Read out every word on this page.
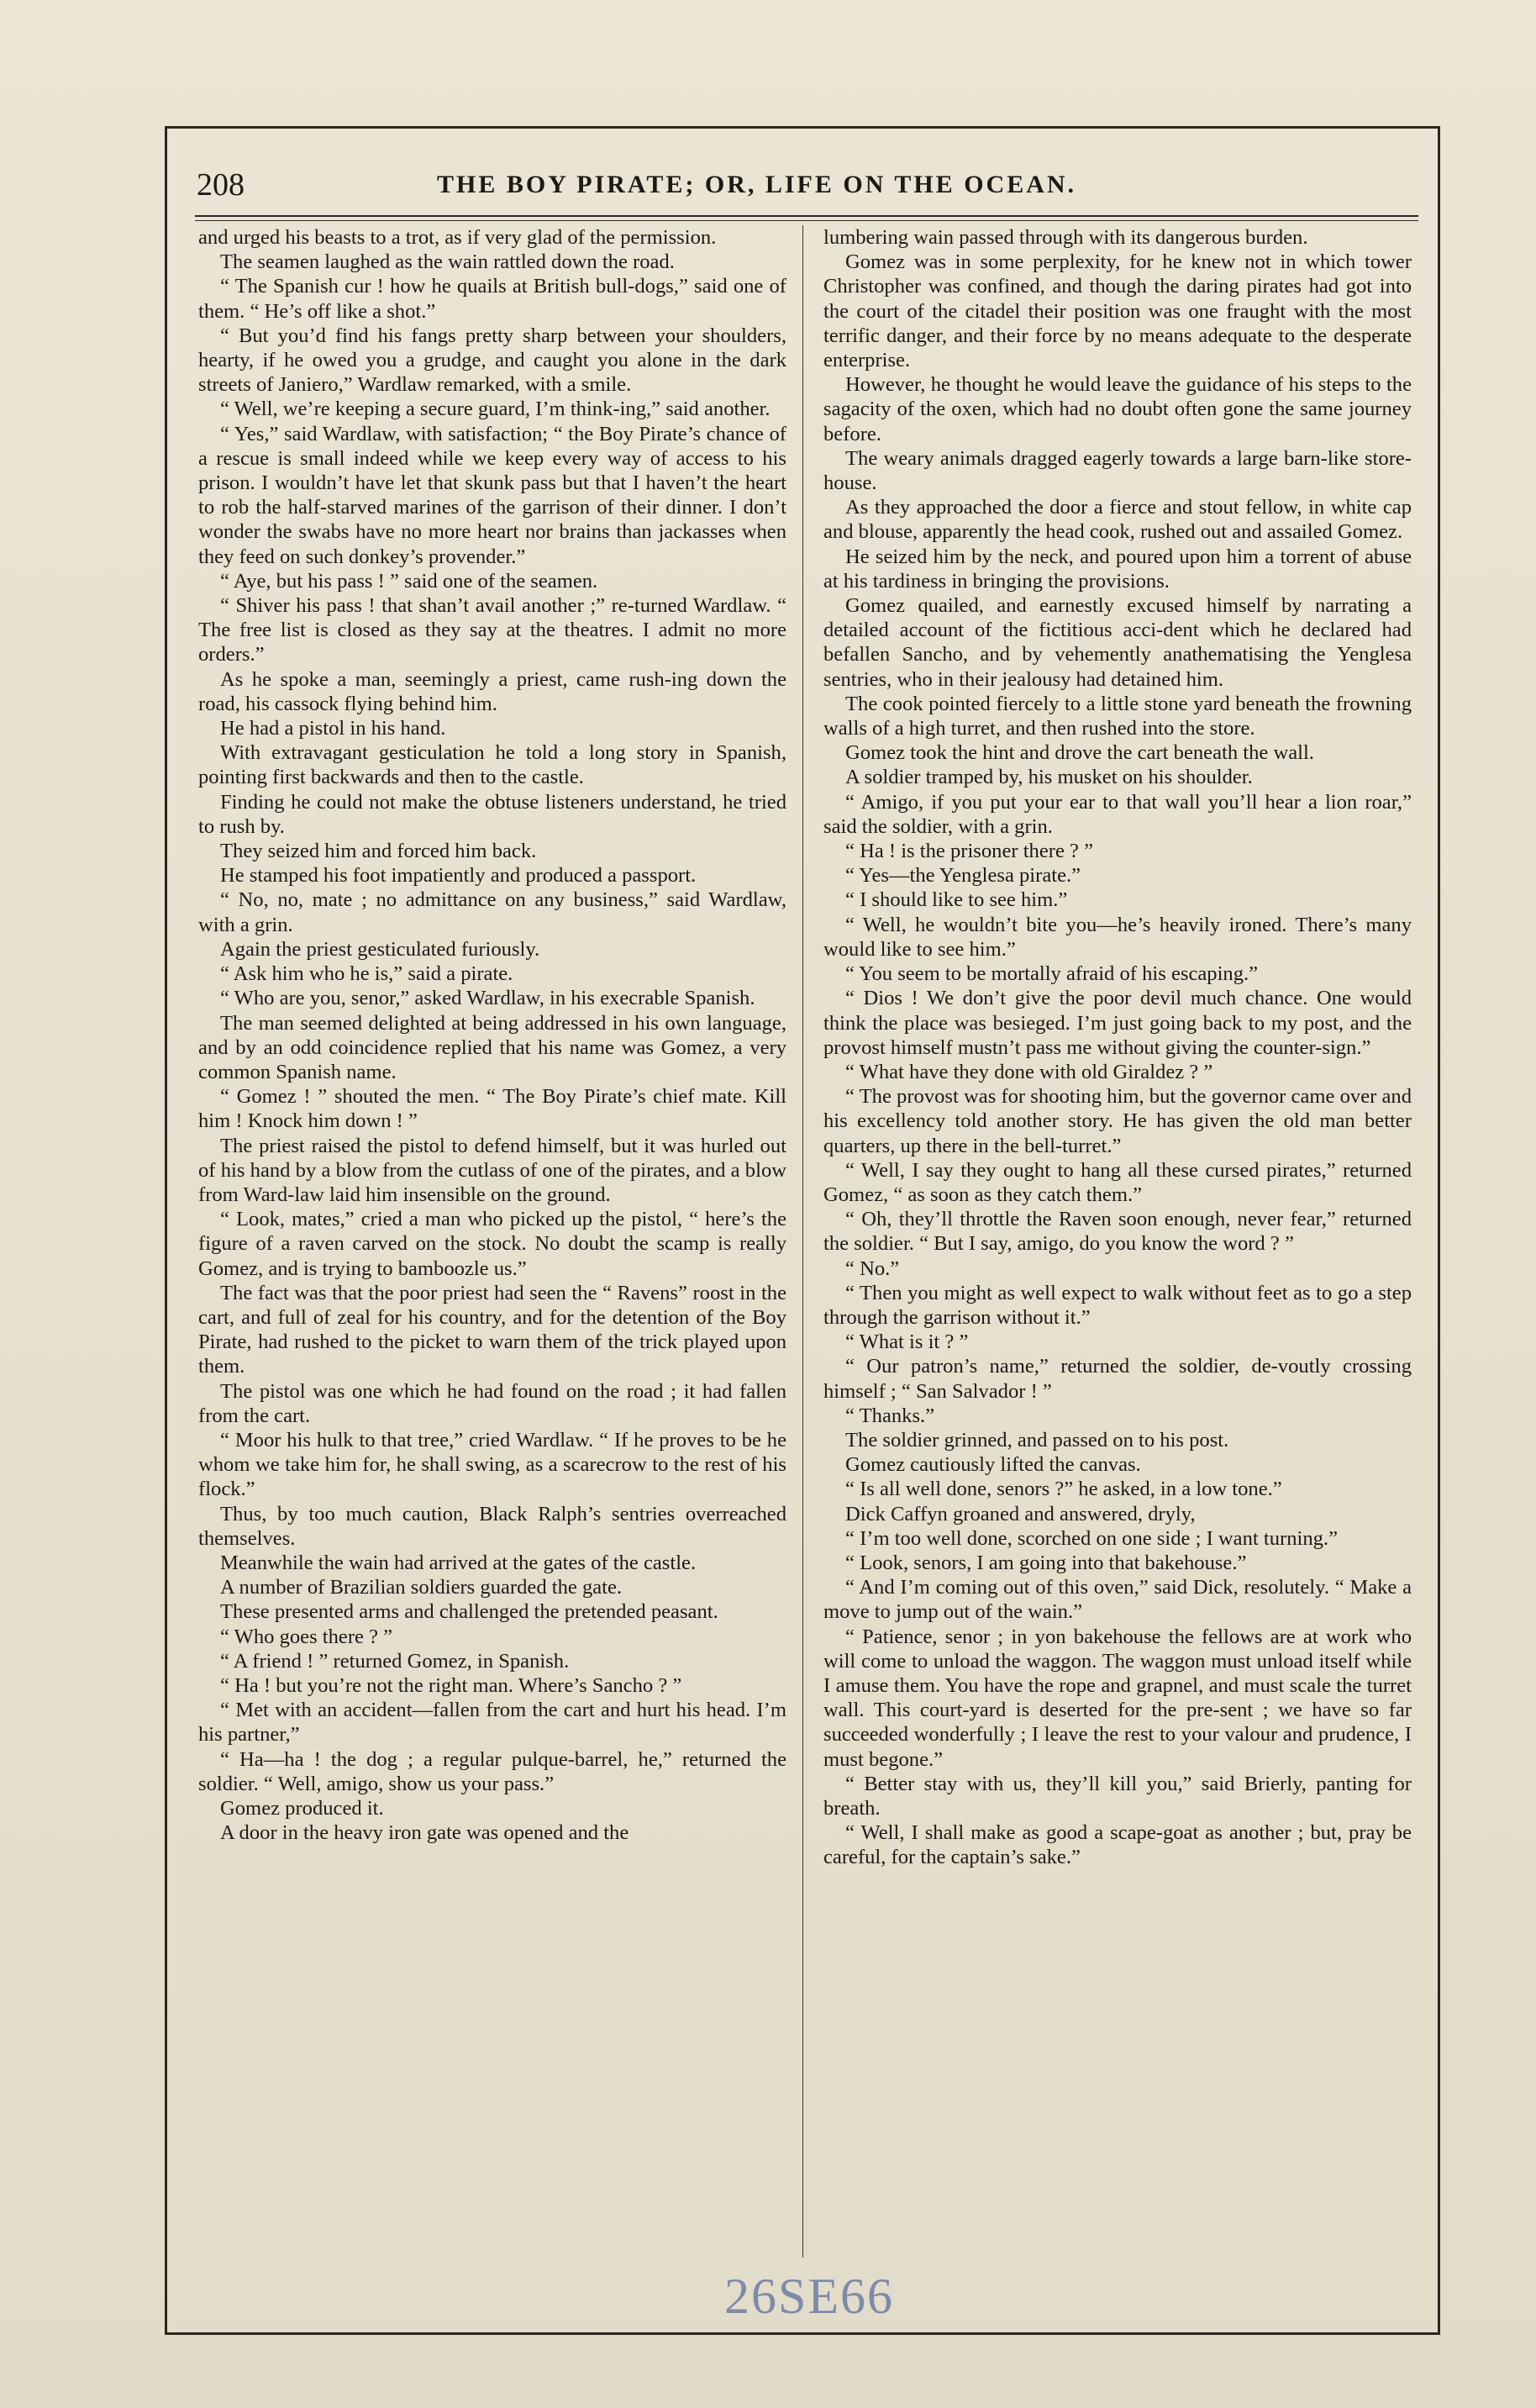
208	THE BOY PIRATE; OR, LIFE ON THE OCEAN.

and urged his beasts to a trot, as if very glad of the permission.

The seamen laughed as the wain rattled down the road.

“ The Spanish cur ! how he quails at British bull-dogs,” said one of them. “ He’s off like a shot.”

“ But you’d find his fangs pretty sharp between your shoulders, hearty, if he owed you a grudge, and caught you alone in the dark streets of Janiero,” Wardlaw remarked, with a smile.

“ Well, we’re keeping a secure guard, I’m think-ing,” said another.

“ Yes,” said Wardlaw, with satisfaction; “ the Boy Pirate’s chance of a rescue is small indeed while we keep every way of access to his prison. I wouldn’t have let that skunk pass but that I haven’t the heart to rob the half-starved marines of the garrison of their dinner. I don’t wonder the swabs have no more heart nor brains than jackasses when they feed on such donkey’s provender.”

“ Aye, but his pass ! ” said one of the seamen.

“ Shiver his pass ! that shan’t avail another ;” re-turned Wardlaw. “ The free list is closed as they say at the theatres. I admit no more orders.”

As he spoke a man, seemingly a priest, came rush-ing down the road, his cassock flying behind him.

He had a pistol in his hand.

With extravagant gesticulation he told a long story in Spanish, pointing first backwards and then to the castle.

Finding he could not make the obtuse listeners understand, he tried to rush by.

They seized him and forced him back.

He stamped his foot impatiently and produced a passport.

“ No, no, mate ; no admittance on any business,” said Wardlaw, with a grin.

Again the priest gesticulated furiously.

“ Ask him who he is,” said a pirate.

“ Who are you, senor,” asked Wardlaw, in his execrable Spanish.

The man seemed delighted at being addressed in his own language, and by an odd coincidence replied that his name was Gomez, a very common Spanish name.

“ Gomez ! ” shouted the men. “ The Boy Pirate’s chief mate. Kill him ! Knock him down ! ”

The priest raised the pistol to defend himself, but it was hurled out of his hand by a blow from the cutlass of one of the pirates, and a blow from Ward-law laid him insensible on the ground.

“ Look, mates,” cried a man who picked up the pistol, “ here’s the figure of a raven carved on the stock. No doubt the scamp is really Gomez, and is trying to bamboozle us.”

The fact was that the poor priest had seen the “ Ravens” roost in the cart, and full of zeal for his country, and for the detention of the Boy Pirate, had rushed to the picket to warn them of the trick played upon them.

The pistol was one which he had found on the road ; it had fallen from the cart.

“ Moor his hulk to that tree,” cried Wardlaw. “ If he proves to be he whom we take him for, he shall swing, as a scarecrow to the rest of his flock.”

Thus, by too much caution, Black Ralph’s sentries overreached themselves.

Meanwhile the wain had arrived at the gates of the castle.

A number of Brazilian soldiers guarded the gate.

These presented arms and challenged the pretended peasant.

“ Who goes there ? ”

“ A friend ! ” returned Gomez, in Spanish.

“ Ha ! but you’re not the right man. Where’s Sancho ? ”

“ Met with an accident—fallen from the cart and hurt his head. I’m his partner,”

“ Ha—ha ! the dog ; a regular pulque-barrel, he,” returned the soldier. “ Well, amigo, show us your pass.”

Gomez produced it.

A door in the heavy iron gate was opened and the

lumbering wain passed through with its dangerous burden.

Gomez was in some perplexity, for he knew not in which tower Christopher was confined, and though the daring pirates had got into the court of the citadel their position was one fraught with the most terrific danger, and their force by no means adequate to the desperate enterprise.

However, he thought he would leave the guidance of his steps to the sagacity of the oxen, which had no doubt often gone the same journey before.

The weary animals dragged eagerly towards a large barn-like store-house.

As they approached the door a fierce and stout fellow, in white cap and blouse, apparently the head cook, rushed out and assailed Gomez.

He seized him by the neck, and poured upon him a torrent of abuse at his tardiness in bringing the provisions.

Gomez quailed, and earnestly excused himself by narrating a detailed account of the fictitious acci-dent which he declared had befallen Sancho, and by vehemently anathematising the Yenglesa sentries, who in their jealousy had detained him.

The cook pointed fiercely to a little stone yard beneath the frowning walls of a high turret, and then rushed into the store.

Gomez took the hint and drove the cart beneath the wall.

A soldier tramped by, his musket on his shoulder.

“ Amigo, if you put your ear to that wall you’ll hear a lion roar,” said the soldier, with a grin.

“ Ha ! is the prisoner there ? ”

“ Yes—the Yenglesa pirate.”

“ I should like to see him.”

“ Well, he wouldn’t bite you—he’s heavily ironed. There’s many would like to see him.”

“ You seem to be mortally afraid of his escaping.”

“ Dios ! We don’t give the poor devil much chance. One would think the place was besieged. I’m just going back to my post, and the provost himself mustn’t pass me without giving the counter-sign.”

“ What have they done with old Giraldez ? ”

“ The provost was for shooting him, but the governor came over and his excellency told another story. He has given the old man better quarters, up there in the bell-turret.”

“ Well, I say they ought to hang all these cursed pirates,” returned Gomez, “ as soon as they catch them.”

“ Oh, they’ll throttle the Raven soon enough, never fear,” returned the soldier. “ But I say, amigo, do you know the word ? ”

“ No.”

“ Then you might as well expect to walk without feet as to go a step through the garrison without it.”

“ What is it ? ”

“ Our patron’s name,” returned the soldier, de-voutly crossing himself ; “ San Salvador ! ”

“ Thanks.”

The soldier grinned, and passed on to his post.

Gomez cautiously lifted the canvas.

“ Is all well done, senors ?” he asked, in a low tone.”

Dick Caffyn groaned and answered, dryly,

“ I’m too well done, scorched on one side ; I want turning.”

“ Look, senors, I am going into that bakehouse.”

“ And I’m coming out of this oven,” said Dick, resolutely. “ Make a move to jump out of the wain.”

“ Patience, senor ; in yon bakehouse the fellows are at work who will come to unload the waggon. The waggon must unload itself while I amuse them. You have the rope and grapnel, and must scale the turret wall. This court-yard is deserted for the pre-sent ; we have so far succeeded wonderfully ; I leave the rest to your valour and prudence, I must begone.”

“ Better stay with us, they’ll kill you,” said Brierly, panting for breath.

“ Well, I shall make as good a scape-goat as another ; but, pray be careful, for the captain’s sake.”

26SE66
